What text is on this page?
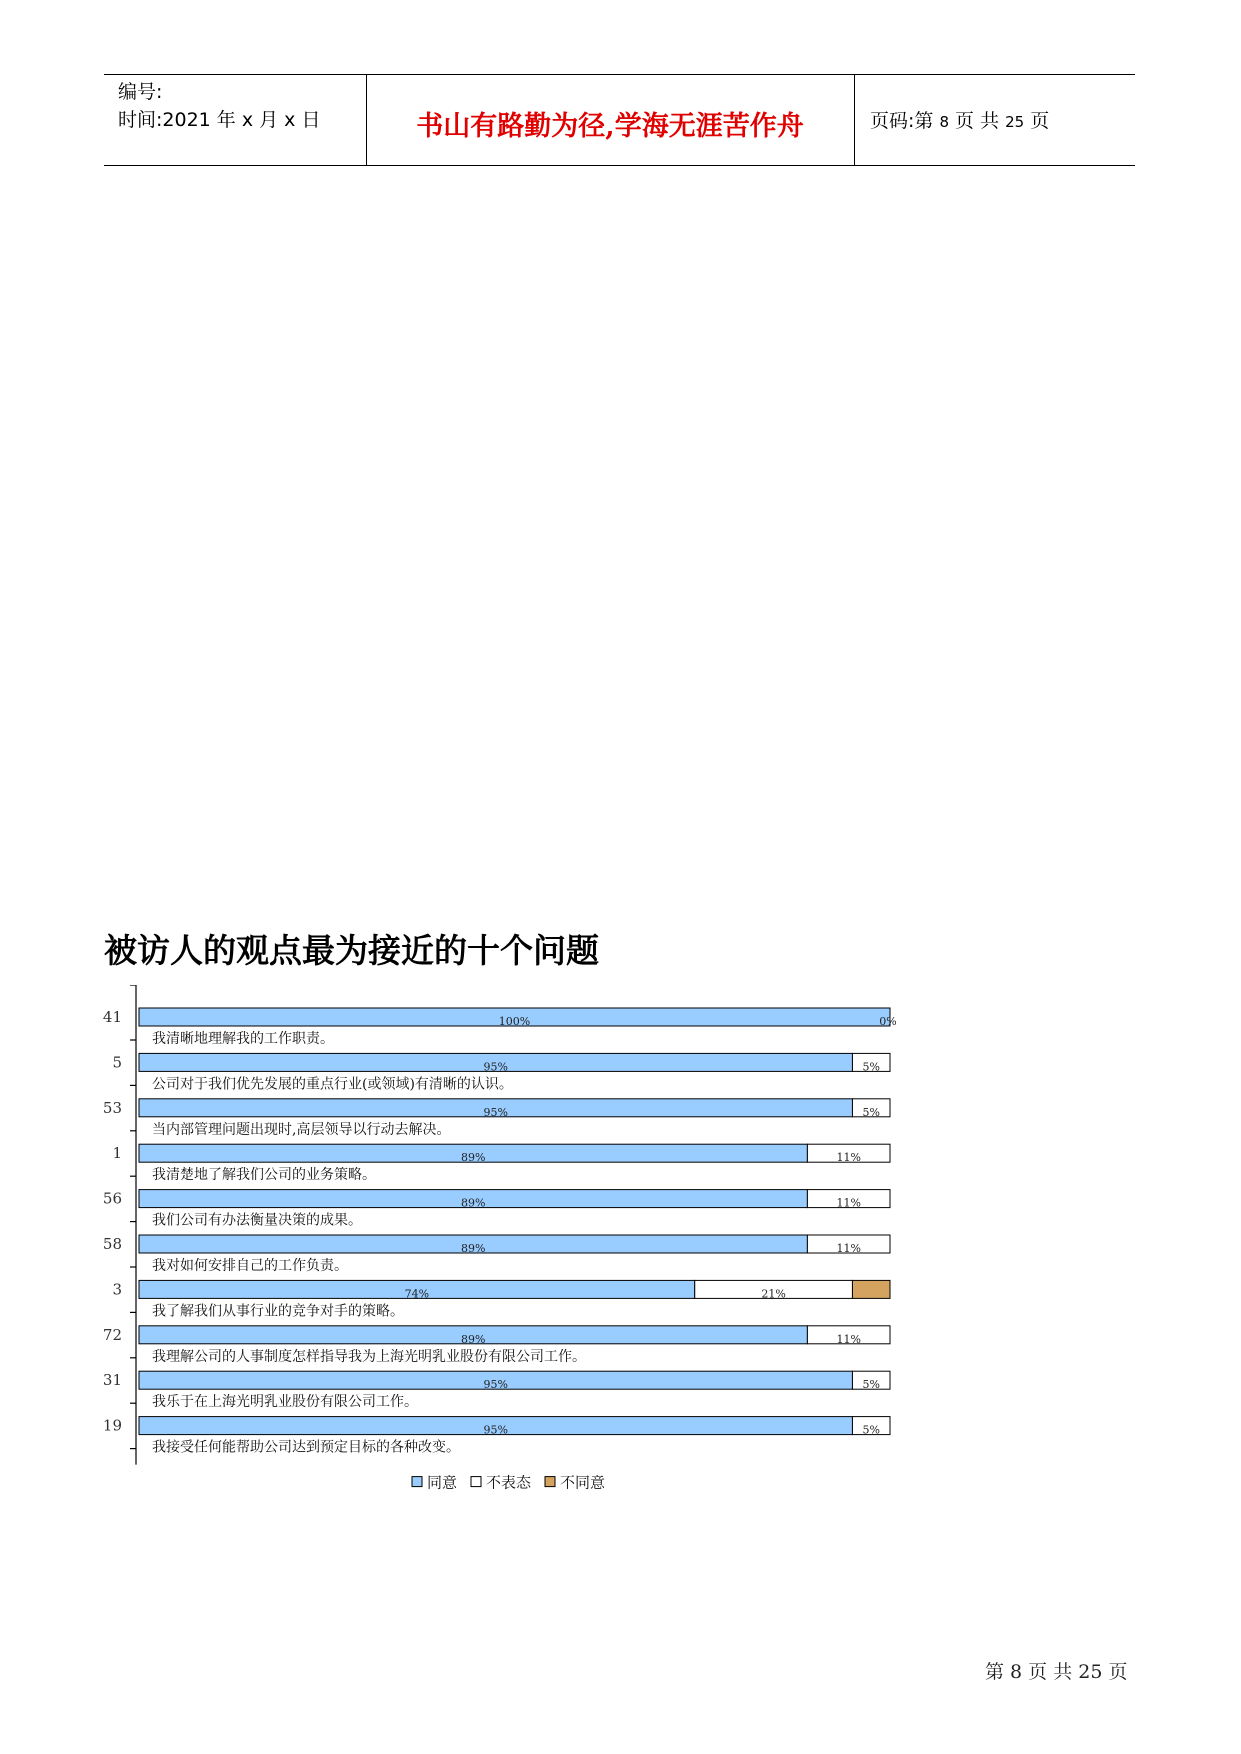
编号:
时间:2021 年 x 月 x 日	书山有路勤为径,学海无涯苦作舟	页码:第 8 页 共 25 页
被访人的观点最为接近的十个问题
41	100%	0%
我清晰地理解我的工作职责。
5	95%	5%
公司对于我们优先发展的重点行业(或领域)有清晰的认识。
53	95%	5%
当内部管理问题出现时,高层领导以行动去解决。
1	89%	11%
我清楚地了解我们公司的业务策略。
56	89%	11%
我们公司有办法衡量决策的成果。
58	89%	11%
我对如何安排自己的工作负责。
3	74%	21%
我了解我们从事行业的竞争对手的策略。
72	89%	11%
我理解公司的人事制度怎样指导我为上海光明乳业股份有限公司工作。
31	95%	5%
我乐于在上海光明乳业股份有限公司工作。
19	95%	5%
我接受任何能帮助公司达到预定目标的各种改变。
同意 不表态 不同意
第 8 页 共 25 页
